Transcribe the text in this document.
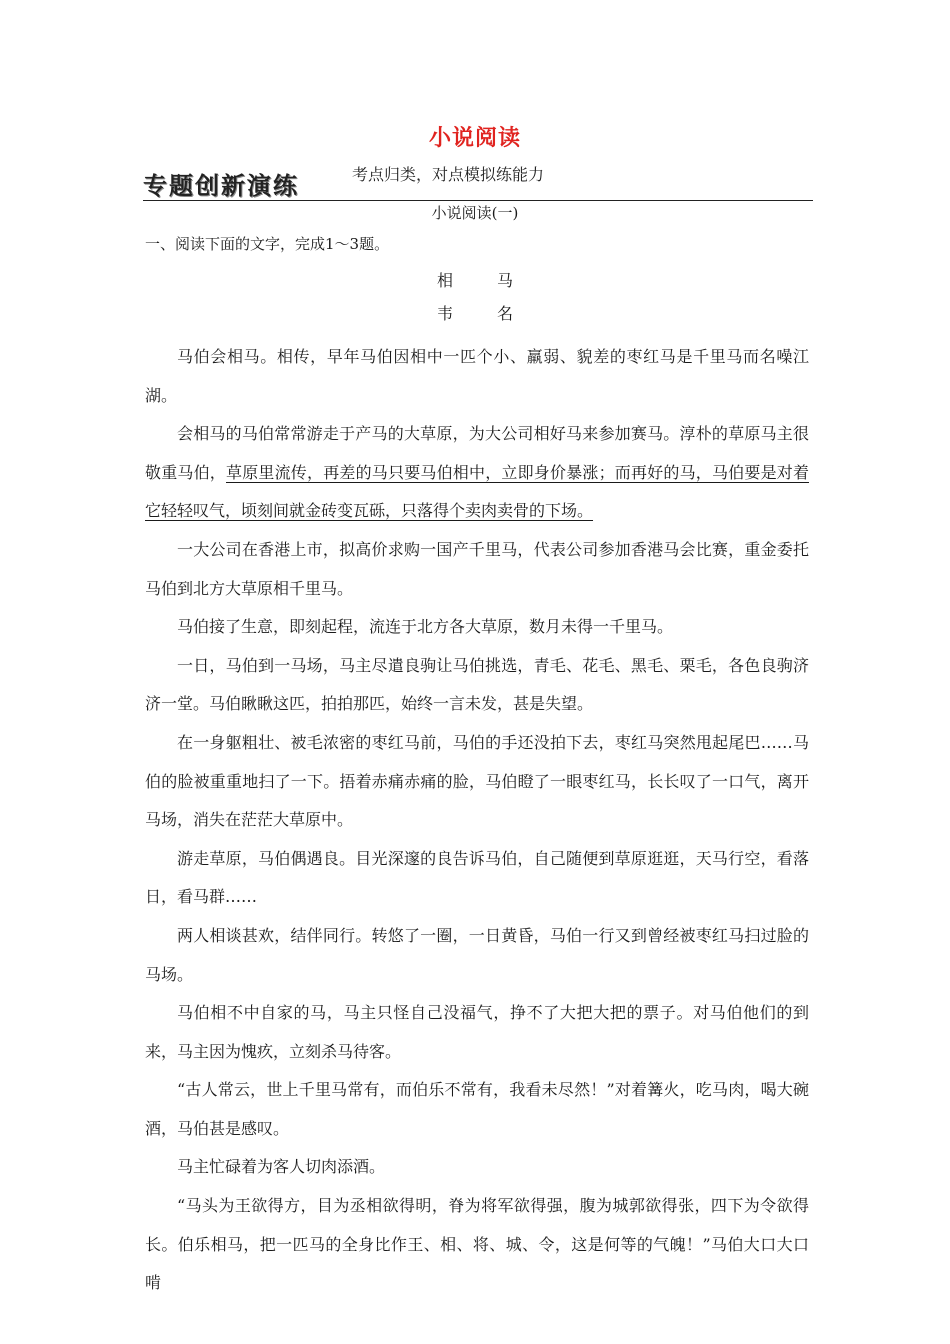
小说阅读
专题创新演练	考点归类，对点模拟练能力
小说阅读(一)
一、阅读下面的文字，完成1～3题。
相　马
韦　名

马伯会相马。相传，早年马伯因相中一匹个小、羸弱、貌差的枣红马是千里马而名噪江湖。

会相马的马伯常常游走于产马的大草原，为大公司相好马来参加赛马。淳朴的草原马主很敬重马伯，草原里流传，再差的马只要马伯相中，立即身价暴涨；而再好的马，马伯要是对着它轻轻叹气，顷刻间就金砖变瓦砾，只落得个卖肉卖骨的下场。

一大公司在香港上市，拟高价求购一国产千里马，代表公司参加香港马会比赛，重金委托马伯到北方大草原相千里马。

马伯接了生意，即刻起程，流连于北方各大草原，数月未得一千里马。

一日，马伯到一马场，马主尽遣良驹让马伯挑选，青毛、花毛、黑毛、栗毛，各色良驹济济一堂。马伯瞅瞅这匹，拍拍那匹，始终一言未发，甚是失望。

在一身躯粗壮、被毛浓密的枣红马前，马伯的手还没拍下去，枣红马突然甩起尾巴……马伯的脸被重重地扫了一下。捂着赤痛赤痛的脸，马伯瞪了一眼枣红马，长长叹了一口气，离开马场，消失在茫茫大草原中。

游走草原，马伯偶遇良。目光深邃的良告诉马伯，自己随便到草原逛逛，天马行空，看落日，看马群……

两人相谈甚欢，结伴同行。转悠了一圈，一日黄昏，马伯一行又到曾经被枣红马扫过脸的马场。

马伯相不中自家的马，马主只怪自己没福气，挣不了大把大把的票子。对马伯他们的到来，马主因为愧疚，立刻杀马待客。

“古人常云，世上千里马常有，而伯乐不常有，我看未尽然！”对着篝火，吃马肉，喝大碗酒，马伯甚是感叹。

马主忙碌着为客人切肉添酒。

“马头为王欲得方，目为丞相欲得明，脊为将军欲得强，腹为城郭欲得张，四下为令欲得长。伯乐相马，把一匹马的全身比作王、相、将、城、令，这是何等的气魄！”马伯大口大口啃
